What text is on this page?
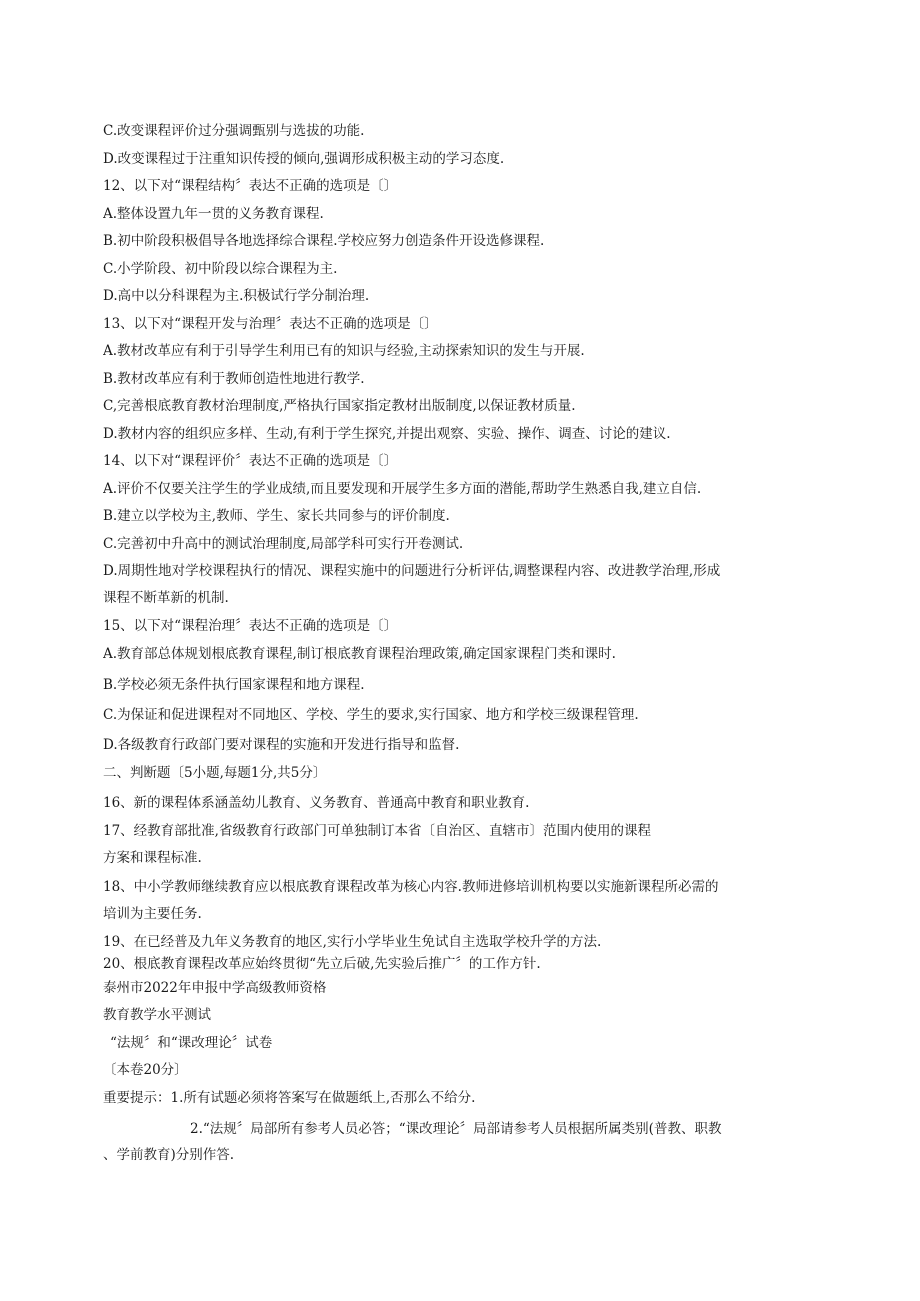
C.改变课程评价过分强调甄别与选拔的功能.
D.改变课程过于注重知识传授的倾向,强调形成积极主动的学习态度.
12、以下对“课程结构〞表达不正确的选项是〔〕
A.整体设置九年一贯的义务教育课程.
B.初中阶段积极倡导各地选择综合课程.学校应努力创造条件开设选修课程.
C.小学阶段、初中阶段以综合课程为主.
D.高中以分科课程为主.积极试行学分制治理.
13、以下对“课程开发与治理〞表达不正确的选项是〔〕
A.教材改革应有利于引导学生利用已有的知识与经验,主动探索知识的发生与开展.
B.教材改革应有利于教师创造性地进行教学.
C,完善根底教育教材治理制度,严格执行国家指定教材出版制度,以保证教材质量.
D.教材内容的组织应多样、生动,有利于学生探究,并提出观察、实验、操作、调查、讨论的建议.
14、以下对“课程评价〞表达不正确的选项是〔〕
A.评价不仅要关注学生的学业成绩,而且要发现和开展学生多方面的潜能,帮助学生熟悉自我,建立自信.
B.建立以学校为主,教师、学生、家长共同参与的评价制度.
C.完善初中升高中的测试治理制度,局部学科可实行开卷测试.
D.周期性地对学校课程执行的情况、课程实施中的问题进行分析评估,调整课程内容、改进教学治理,形成
课程不断革新的机制.
15、以下对“课程治理〞表达不正确的选项是〔〕
A.教育部总体规划根底教育课程,制订根底教育课程治理政策,确定国家课程门类和课时.
B.学校必须无条件执行国家课程和地方课程.
C.为保证和促进课程对不同地区、学校、学生的要求,实行国家、地方和学校三级课程管理.
D.各级教育行政部门要对课程的实施和开发进行指导和监督.
二、判断题〔5小题,每题1分,共5分〕
16、新的课程体系涵盖幼儿教育、义务教育、普通高中教育和职业教育.
17、经教育部批准,省级教育行政部门可单独制订本省〔自治区、直辖市〕范围内使用的课程
方案和课程标准.
18、中小学教师继续教育应以根底教育课程改革为核心内容.教师进修培训机构要以实施新课程所必需的
培训为主要任务.
19、在已经普及九年义务教育的地区,实行小学毕业生免试自主选取学校升学的方法.
20、根底教育课程改革应始终贯彻“先立后破,先实验后推广〞的工作方针.
泰州市2022年申报中学高级教师资格
教育教学水平测试
“法规〞和“课改理论〞试卷
〔本卷20分〕
重要提示：1.所有试题必须将答案写在做题纸上,否那么不给分.
2.“法规〞局部所有参考人员必答；“课改理论〞局部请参考人员根据所属类别(普教、职教
、学前教育)分别作答.
